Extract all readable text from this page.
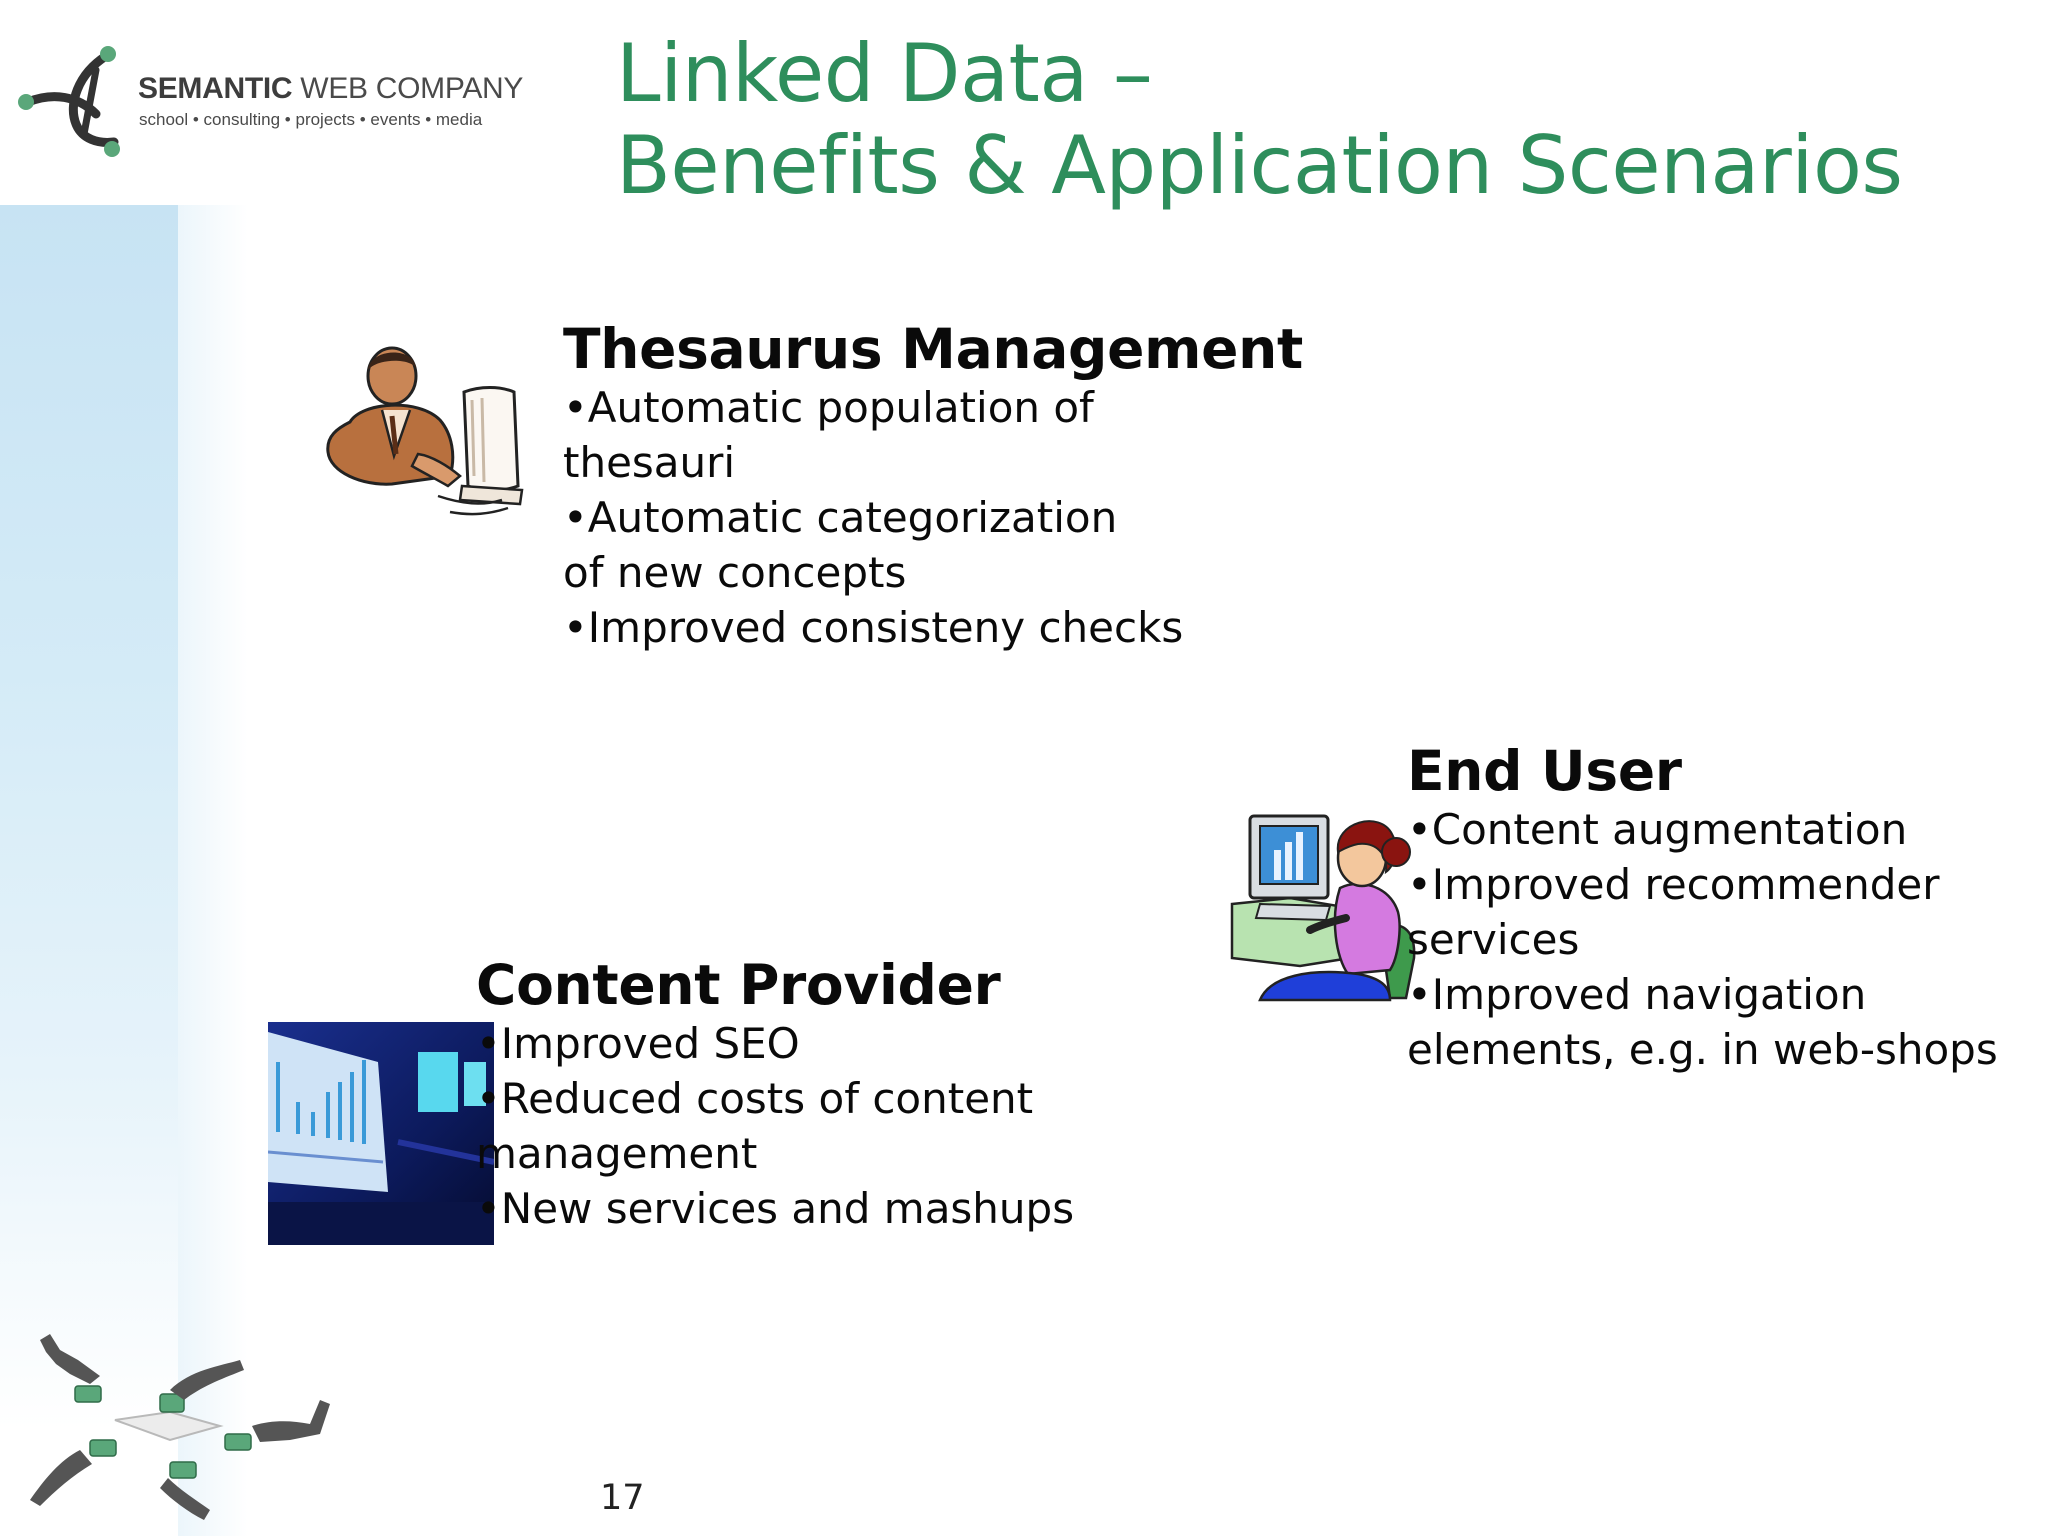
SEMANTIC WEB COMPANY
school • consulting • projects • events • media Linked Data –
Benefits & Application Scenarios
Thesaurus Management
•Automatic population of
thesauri
•Automatic categorization
of new concepts
•Improved consisteny checks
End User
•Content augmentation
•Improved recommender
services
•Improved navigation
elements, e.g. in web-shops
Content Provider
•Improved SEO
•Reduced costs of content
management
•New services and mashups
17
